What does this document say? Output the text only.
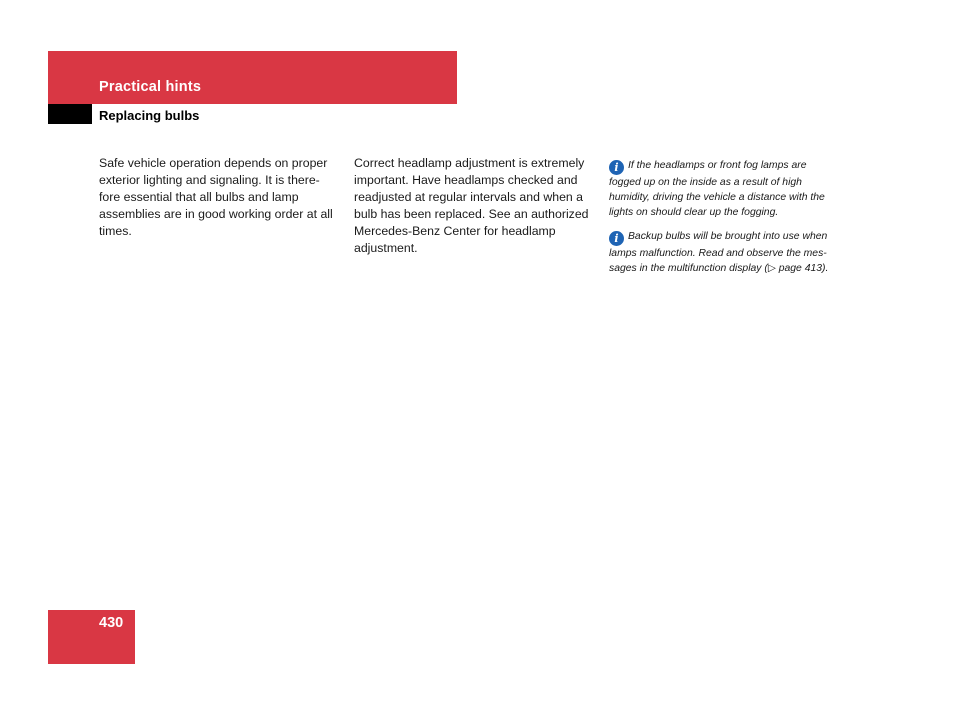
Practical hints
Replacing bulbs

Safe vehicle operation depends on proper

exterior lighting and signaling. It is there-

fore essential that all bulbs and lamp

assemblies are in good working order at all

times.

Correct headlamp adjustment is extremely

important. Have headlamps checked and

readjusted at regular intervals and when a

bulb has been replaced. See an authorized

Mercedes-Benz Center for headlamp

adjustment.

i If the headlamps or front fog lamps are

fogged up on the inside as a result of high

humidity, driving the vehicle a distance with the

lights on should clear up the fogging.

i Backup bulbs will be brought into use when

lamps malfunction. Read and observe the mes-

sages in the multifunction display (▷ page 413).

430
